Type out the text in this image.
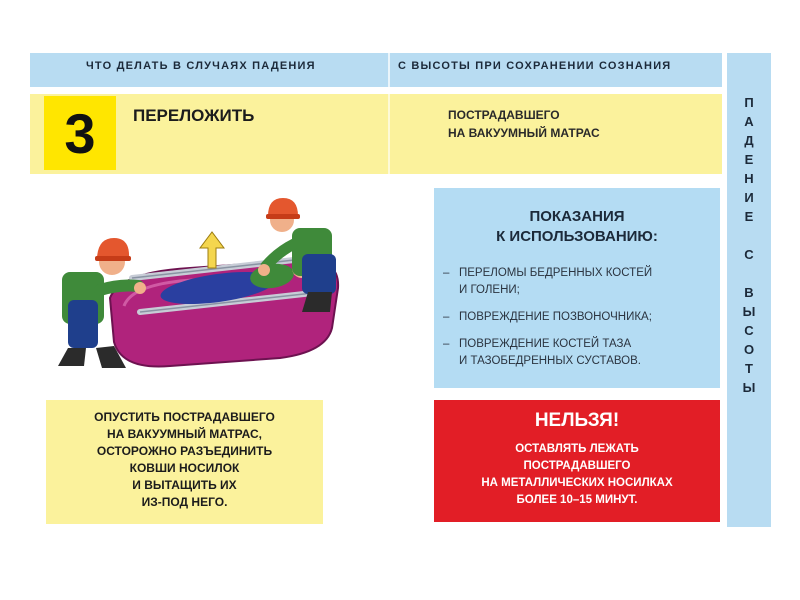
ЧТО ДЕЛАТЬ В СЛУЧАЯХ ПАДЕНИЯ	С ВЫСОТЫ ПРИ СОХРАНЕНИИ СОЗНАНИЯ
П
А
Д
Е
Н
И
Е
С
В
Ы
С
О
Т
Ы
3	ПЕРЕЛОЖИТЬ	ПОСТРАДАВШЕГО
НА ВАКУУМНЫЙ МАТРАС
ПОКАЗАНИЯ
К ИСПОЛЬЗОВАНИЮ:
– ПЕРЕЛОМЫ БЕДРЕННЫХ КОСТЕЙ
И ГОЛЕНИ;
– ПОВРЕЖДЕНИЕ ПОЗВОНОЧНИКА;
– ПОВРЕЖДЕНИЕ КОСТЕЙ ТАЗА
И ТАЗОБЕДРЕННЫХ СУСТАВОВ.
НЕЛЬЗЯ!
ОСТАВЛЯТЬ ЛЕЖАТЬ
ПОСТРАДАВШЕГО
НА МЕТАЛЛИЧЕСКИХ НОСИЛКАХ
БОЛЕЕ 10–15 МИНУТ.
ОПУСТИТЬ ПОСТРАДАВШЕГО
НА ВАКУУМНЫЙ МАТРАС,
ОСТОРОЖНО РАЗЪЕДИНИТЬ
КОВШИ НОСИЛОК
И ВЫТАЩИТЬ ИХ
ИЗ-ПОД НЕГО.
